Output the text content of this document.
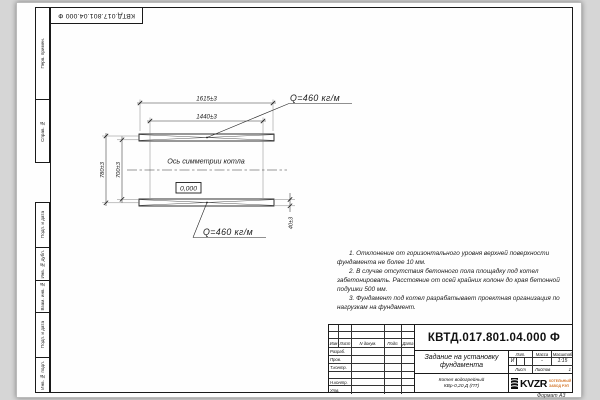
КВТД.017.801.04.000 Ф
Перв. примен.
Справ. №
Подп. и дата
Инв. № дубл.
Взам. инв. №
Подп. и дата
Инв. № подл.
1615±3
1440±3
780±3 700±3
40±3
Ось симметрии котла
0,000
Q=460 кг/м
Q=460 кг/м

1. Отклонение от горизонтального уровня верхней поверхности фундамента не более 10 мм.

2. В случае отсутствия бетонного пола площадку под котел забетонировать. Расстояние от осей крайних колонн до края бетонной подушки 500 мм.

3. Фундамент под котел разрабатывает проектная организация по нагрузкам на фундамент.

Изм Лист	N докум.	Подп. Дата
Разраб.
Пров.
Т.контр.
Н.контр.
Утв.
КВТД.017.801.04.000 Ф
Задание на установку фундамента
Лит.	Масса	Масштаб
И	-	1:15
Лист	Листов	1
Котел водогрейный
КВр-0,20 Д (ПТ)	KVZR КОТЕЛЬНЫЙ
ЗАВОД РЭП
Формат А3
